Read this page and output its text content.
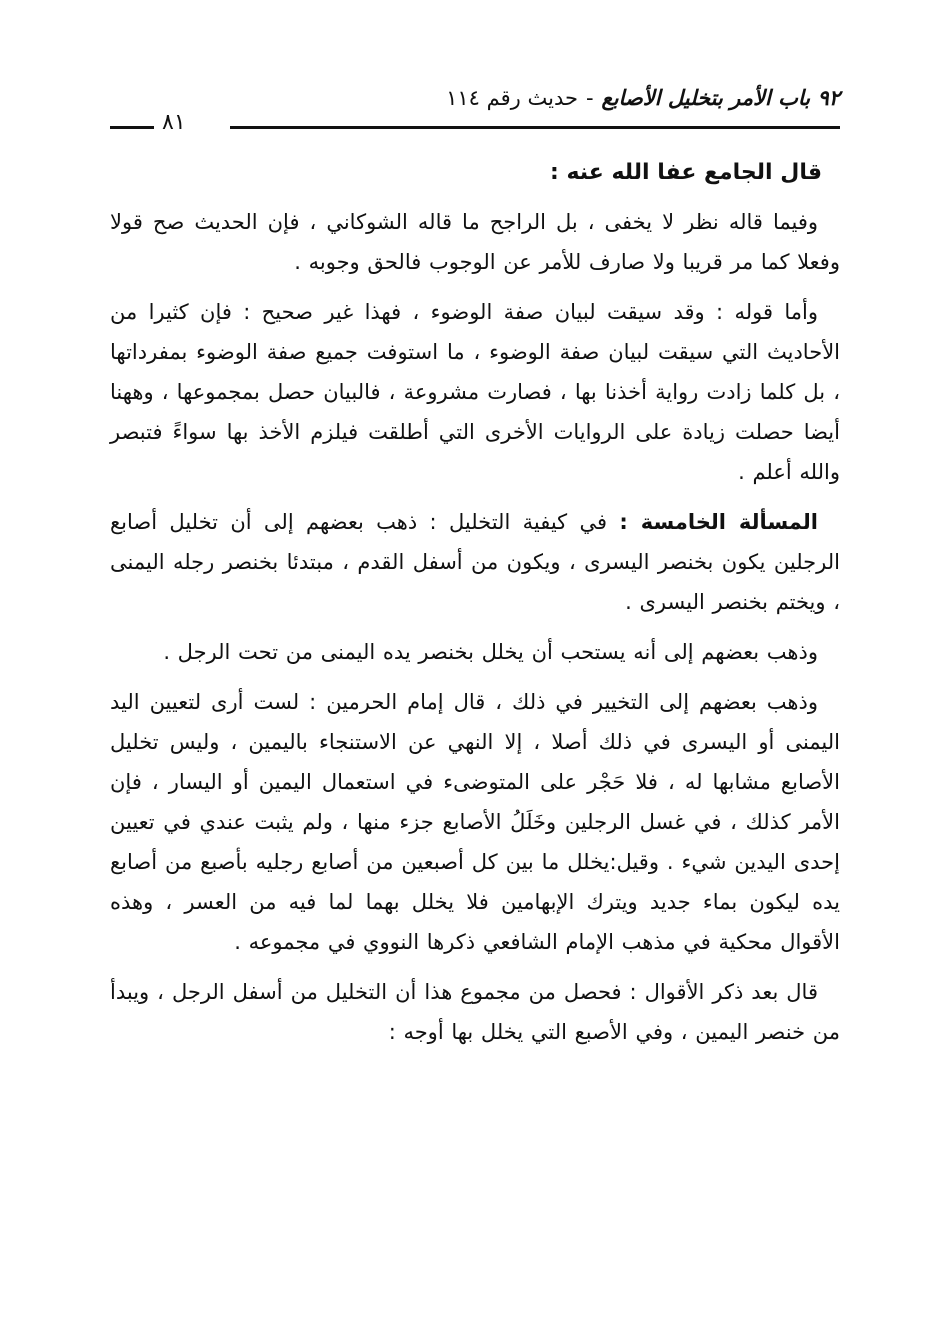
٩٢ باب الأمر بتخليل الأصابع
-
حديث رقم ١١٤
٨١
قال الجامع عفا الله عنه :

وفيما قاله نظر لا يخفى ، بل الراجح ما قاله الشوكاني ، فإن الحديث صح قولا وفعلا كما مر قريبا ولا صارف للأمر عن الوجوب فالحق وجوبه .

وأما قوله : وقد سيقت لبيان صفة الوضوء ، فهذا غير صحيح : فإن كثيرا من الأحاديث التي سيقت لبيان صفة الوضوء ، ما استوفت جميع صفة الوضوء بمفرداتها ، بل كلما زادت رواية أخذنا بها ، فصارت مشروعة ، فالبيان حصل بمجموعها ، وههنا أيضا حصلت زيادة على الروايات الأخرى التي أطلقت فيلزم الأخذ بها سواءً فتبصر والله أعلم .

المسألة الخامسة : في كيفية التخليل : ذهب بعضهم إلى أن تخليل أصابع الرجلين يكون بخنصر اليسرى ، ويكون من أسفل القدم ، مبتدئا بخنصر رجله اليمنى ، ويختم بخنصر اليسرى .

وذهب بعضهم إلى أنه يستحب أن يخلل بخنصر يده اليمنى من تحت الرجل .

وذهب بعضهم إلى التخيير في ذلك ، قال إمام الحرمين : لست أرى لتعيين اليد اليمنى أو اليسرى في ذلك أصلا ، إلا النهي عن الاستنجاء باليمين ، وليس تخليل الأصابع مشابها له ، فلا حَجْر على المتوضىء في استعمال اليمين أو اليسار ، فإن الأمر كذلك ، في غسل الرجلين وخَلَلُ الأصابع جزء منها ، ولم يثبت عندي في تعيين إحدى اليدين شيء . وقيل:يخلل ما بين كل أصبعين من أصابع رجليه بأصبع من أصابع يده ليكون بماء جديد ويترك الإبهامين فلا يخلل بهما لما فيه من العسر ، وهذه الأقوال محكية في مذهب الإمام الشافعي ذكرها النووي في مجموعه .

قال بعد ذكر الأقوال : فحصل من مجموع هذا أن التخليل من أسفل الرجل ، ويبدأ من خنصر اليمين ، وفي الأصبع التي يخلل بها أوجه :
